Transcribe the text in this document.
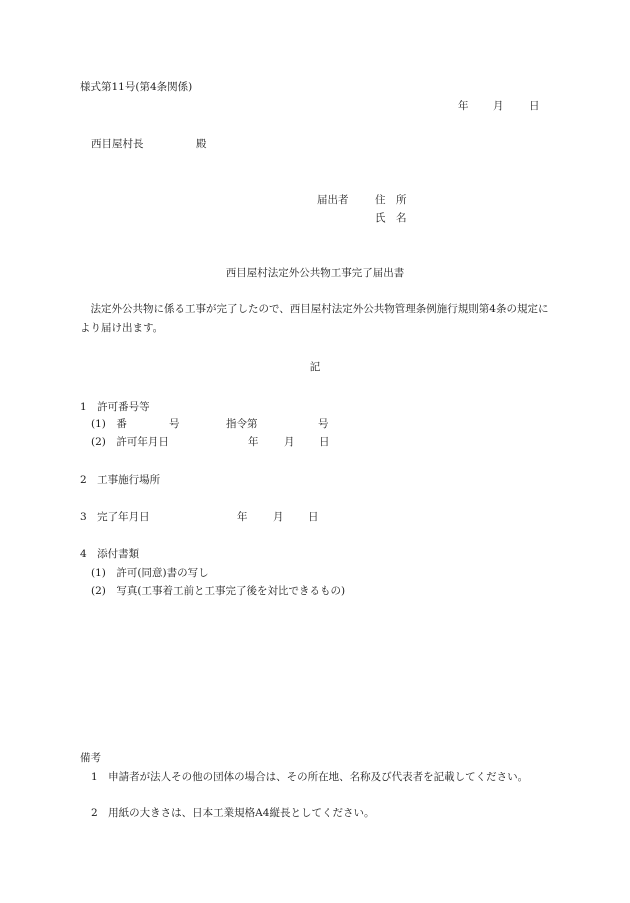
様式第11号(第4条関係)
年 月 日
西目屋村長	殿
届出者	住　所
氏　名
西目屋村法定外公共物工事完了届出書
法定外公共物に係る工事が完了したので、西目屋村法定外公共物管理条例施行規則第4条の規定により届け出ます。
記
1　許可番号等
(1)　番	号	指令第	号
(2)　許可年月日	年 月 日
2　工事施行場所
3　完了年月日	年 月 日
4　添付書類
(1)　許可(同意)書の写し
(2)　写真(工事着工前と工事完了後を対比できるもの)
備考
1　申請者が法人その他の団体の場合は、その所在地、名称及び代表者を記載してください。
2　用紙の大きさは、日本工業規格A4縦長としてください。
